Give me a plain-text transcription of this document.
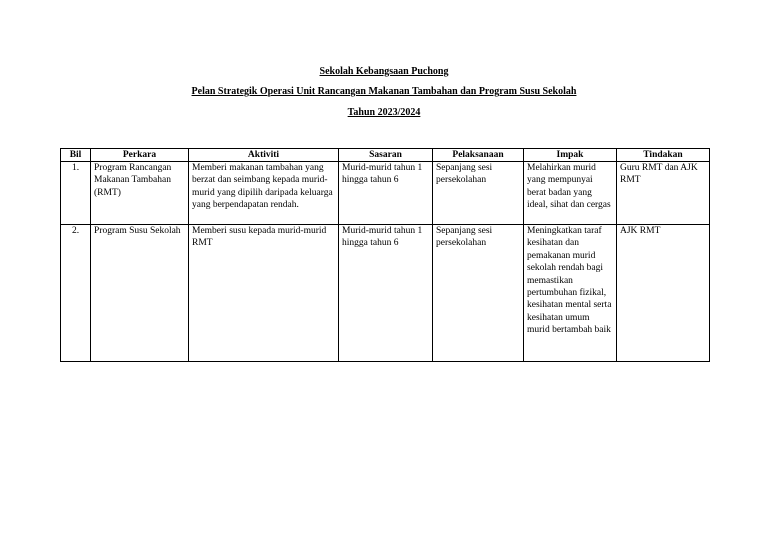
Sekolah Kebangsaan Puchong

Pelan Strategik Operasi Unit Rancangan Makanan Tambahan dan Program Susu Sekolah

Tahun 2023/2024

Bil	Perkara	Aktiviti	Sasaran	Pelaksanaan	Impak	Tindakan
1.	Program Rancangan Makanan Tambahan (RMT)	Memberi makanan tambahan yang berzat dan seimbang kepada murid-murid yang dipilih daripada keluarga yang berpendapatan rendah.	Murid-murid tahun 1 hingga tahun 6	Sepanjang sesi persekolahan	Melahirkan murid yang mempunyai berat badan yang ideal, sihat dan cergas	Guru RMT dan AJK RMT
2.	Program Susu Sekolah	Memberi susu kepada murid-murid RMT	Murid-murid tahun 1 hingga tahun 6	Sepanjang sesi persekolahan	Meningkatkan taraf kesihatan dan pemakanan murid sekolah rendah bagi memastikan pertumbuhan fizikal, kesihatan mental serta kesihatan umum murid bertambah baik	AJK RMT
